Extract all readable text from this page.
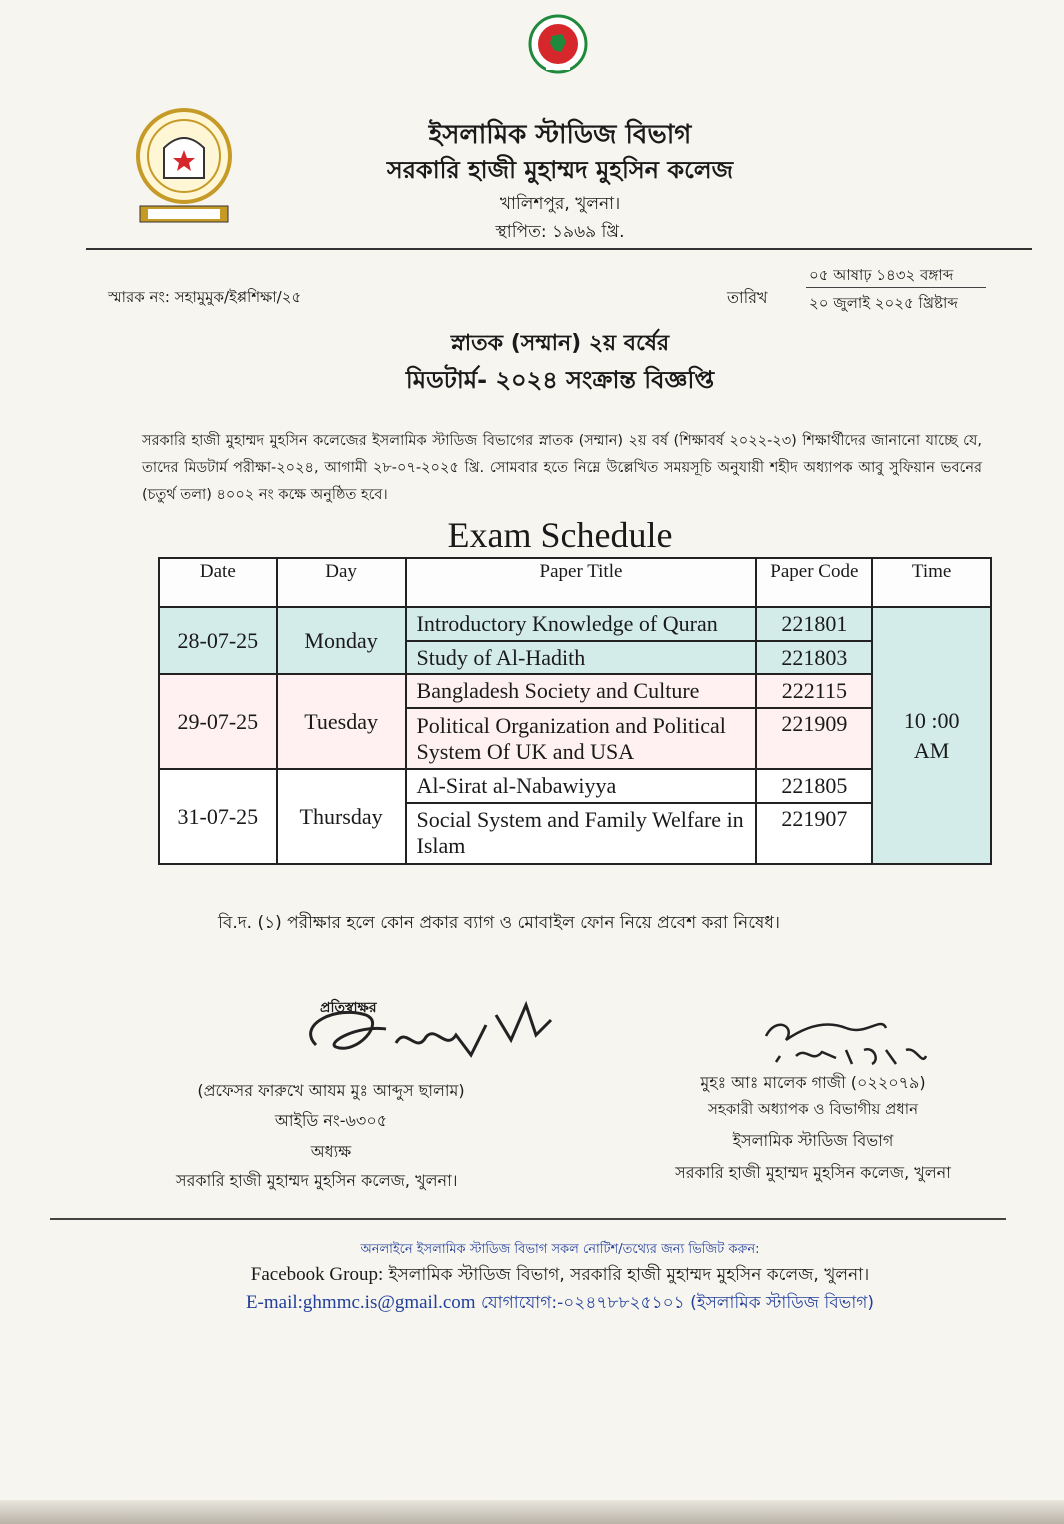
ইসলামিক স্টাডিজ বিভাগ
সরকারি হাজী মুহাম্মদ মুহসিন কলেজ
খালিশপুর, খুলনা।
স্থাপিত: ১৯৬৯ খ্রি.
স্মারক নং: সহামুমুক/ইপ্পশিক্ষা/২৫	তারিখ
০৫ আষাঢ় ১৪৩২ বঙ্গাব্দ
২০ জুলাই ২০২৫ খ্রিষ্টাব্দ
স্নাতক (সম্মান) ২য় বর্ষের
মিডটার্ম- ২০২৪ সংক্রান্ত বিজ্ঞপ্তি
সরকারি হাজী মুহাম্মদ মুহসিন কলেজের ইসলামিক স্টাডিজ বিভাগের স্নাতক (সম্মান) ২য় বর্ষ (শিক্ষাবর্ষ ২০২২-২৩) শিক্ষার্থীদের জানানো যাচ্ছে যে, তাদের মিডটার্ম পরীক্ষা-২০২৪, আগামী ২৮-০৭-২০২৫ খ্রি. সোমবার হতে নিম্নে উল্লেখিত সময়সূচি অনুযায়ী শহীদ অধ্যাপক আবু সুফিয়ান ভবনের (চতুর্থ তলা) ৪০০২ নং কক্ষে অনুষ্ঠিত হবে।
Exam Schedule
Date	Day	Paper Title	Paper Code	Time
28-07-25	Monday	Introductory Knowledge of Quran	221801	10 :00
AM

		Study of Al-Hadith	221803	
29-07-25	Tuesday	Bangladesh Society and Culture	222115	
		Political Organization and Political System Of UK and USA	221909	
31-07-25	Thursday	Al-Sirat al-Nabawiyya	221805	
		Social System and Family Welfare in Islam	221907	
বি.দ. (১) পরীক্ষার হলে কোন প্রকার ব্যাগ ও মোবাইল ফোন নিয়ে প্রবেশ করা নিষেধ।
প্রতিস্বাক্ষর
(প্রফেসর ফারুখে আযম মুঃ আব্দুস ছালাম)
আইডি নং-৬৩০৫
অধ্যক্ষ
সরকারি হাজী মুহাম্মদ মুহসিন কলেজ, খুলনা।
মুহঃ আঃ মালেক গাজী (০২২০৭৯)
সহকারী অধ্যাপক ও বিভাগীয় প্রধান
ইসলামিক স্টাডিজ বিভাগ
সরকারি হাজী মুহাম্মদ মুহসিন কলেজ, খুলনা
অনলাইনে ইসলামিক স্টাডিজ বিভাগ সকল নোটিশ/তথ্যের জন্য ভিজিট করুন:
Facebook Group: ইসলামিক স্টাডিজ বিভাগ, সরকারি হাজী মুহাম্মদ মুহসিন কলেজ, খুলনা।
E-mail:ghmmc.is@gmail.com যোগাযোগ:-০২৪৭৮৮২৫১০১ (ইসলামিক স্টাডিজ বিভাগ)
